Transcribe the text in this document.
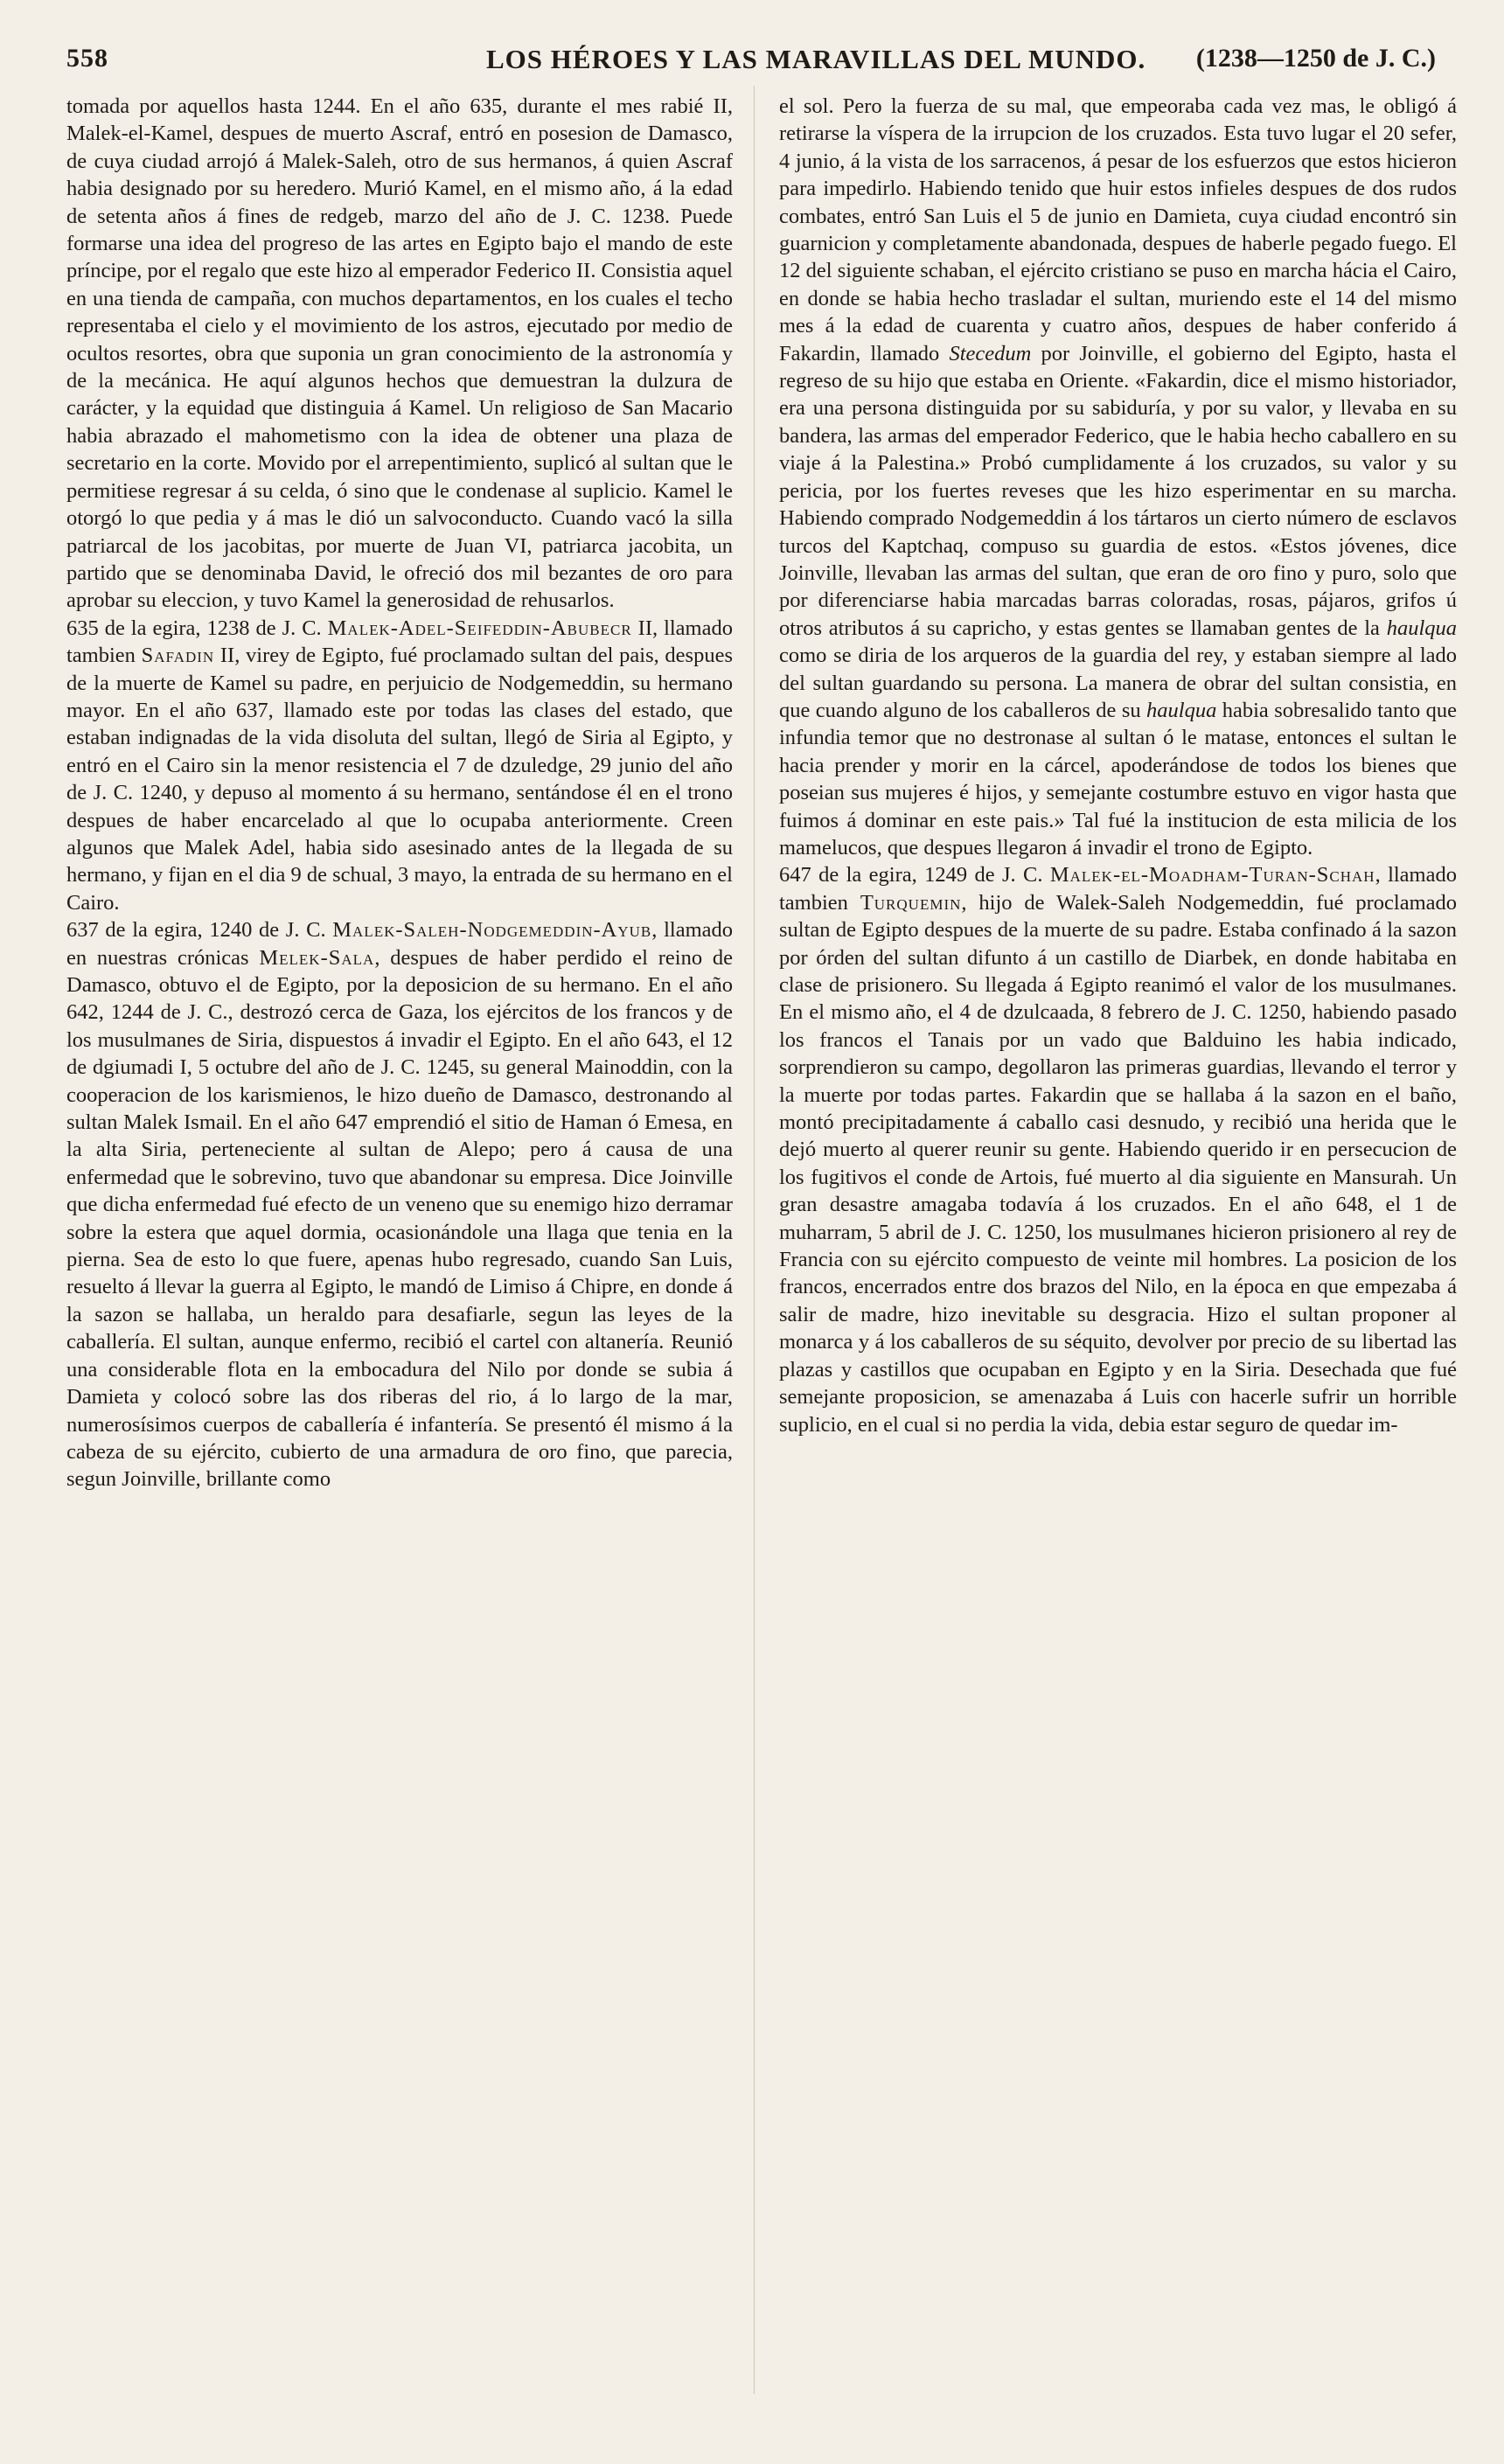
558	LOS HÉROES Y LAS MARAVILLAS DEL MUNDO. (1238—1250 de J. C.)

tomada por aquellos hasta 1244. En el año 635, durante el mes rabié II, Malek-el-Kamel, despues de muerto Ascraf, entró en posesion de Damasco, de cuya ciudad arrojó á Malek-Saleh, otro de sus hermanos, á quien Ascraf habia designado por su heredero. Murió Kamel, en el mismo año, á la edad de setenta años á fines de redgeb, marzo del año de J. C. 1238. Puede formarse una idea del progreso de las artes en Egipto bajo el mando de este príncipe, por el regalo que este hizo al emperador Federico II. Consistia aquel en una tienda de campaña, con muchos departamentos, en los cuales el techo representaba el cielo y el movimiento de los astros, ejecutado por medio de ocultos resortes, obra que suponia un gran conocimiento de la astronomía y de la mecánica. He aquí algunos hechos que demuestran la dulzura de carácter, y la equidad que distinguia á Kamel. Un religioso de San Macario habia abrazado el mahometismo con la idea de obtener una plaza de secretario en la corte. Movido por el arrepentimiento, suplicó al sultan que le permitiese regresar á su celda, ó sino que le condenase al suplicio. Kamel le otorgó lo que pedia y á mas le dió un salvoconducto. Cuando vacó la silla patriarcal de los jacobitas, por muerte de Juan VI, patriarca jacobita, un partido que se denominaba David, le ofreció dos mil bezantes de oro para aprobar su eleccion, y tuvo Kamel la generosidad de rehusarlos.

635 de la egira, 1238 de J. C. Malek-Adel-Seifeddin-Abubecr II, llamado tambien Safadin II, virey de Egipto, fué proclamado sultan del pais, despues de la muerte de Kamel su padre, en perjuicio de Nodgemeddin, su hermano mayor. En el año 637, llamado este por todas las clases del estado, que estaban indignadas de la vida disoluta del sultan, llegó de Siria al Egipto, y entró en el Cairo sin la menor resistencia el 7 de dzuledge, 29 junio del año de J. C. 1240, y depuso al momento á su hermano, sentándose él en el trono despues de haber encarcelado al que lo ocupaba anteriormente. Creen algunos que Malek Adel, habia sido asesinado antes de la llegada de su hermano, y fijan en el dia 9 de schual, 3 mayo, la entrada de su hermano en el Cairo.

637 de la egira, 1240 de J. C. Malek-Saleh-Nodgemeddin-Ayub, llamado en nuestras crónicas Melek-Sala, despues de haber perdido el reino de Damasco, obtuvo el de Egipto, por la deposicion de su hermano. En el año 642, 1244 de J. C., destrozó cerca de Gaza, los ejércitos de los francos y de los musulmanes de Siria, dispuestos á invadir el Egipto. En el año 643, el 12 de dgiumadi I, 5 octubre del año de J. C. 1245, su general Mainoddin, con la cooperacion de los karismienos, le hizo dueño de Damasco, destronando al sultan Malek Ismail. En el año 647 emprendió el sitio de Haman ó Emesa, en la alta Siria, perteneciente al sultan de Alepo; pero á causa de una enfermedad que le sobrevino, tuvo que abandonar su empresa. Dice Joinville que dicha enfermedad fué efecto de un veneno que su enemigo hizo derramar sobre la estera que aquel dormia, ocasionándole una llaga que tenia en la pierna. Sea de esto lo que fuere, apenas hubo regresado, cuando San Luis, resuelto á llevar la guerra al Egipto, le mandó de Limiso á Chipre, en donde á la sazon se hallaba, un heraldo para desafiarle, segun las leyes de la caballería. El sultan, aunque enfermo, recibió el cartel con altanería. Reunió una considerable flota en la embocadura del Nilo por donde se subia á Damieta y colocó sobre las dos riberas del rio, á lo largo de la mar, numerosísimos cuerpos de caballería é infantería. Se presentó él mismo á la cabeza de su ejército, cubierto de una armadura de oro fino, que parecia, segun Joinville, brillante como

el sol. Pero la fuerza de su mal, que empeoraba cada vez mas, le obligó á retirarse la víspera de la irrupcion de los cruzados. Esta tuvo lugar el 20 sefer, 4 junio, á la vista de los sarracenos, á pesar de los esfuerzos que estos hicieron para impedirlo. Habiendo tenido que huir estos infieles despues de dos rudos combates, entró San Luis el 5 de junio en Damieta, cuya ciudad encontró sin guarnicion y completamente abandonada, despues de haberle pegado fuego. El 12 del siguiente schaban, el ejército cristiano se puso en marcha hácia el Cairo, en donde se habia hecho trasladar el sultan, muriendo este el 14 del mismo mes á la edad de cuarenta y cuatro años, despues de haber conferido á Fakardin, llamado Stecedum por Joinville, el gobierno del Egipto, hasta el regreso de su hijo que estaba en Oriente. «Fakardin, dice el mismo historiador, era una persona distinguida por su sabiduría, y por su valor, y llevaba en su bandera, las armas del emperador Federico, que le habia hecho caballero en su viaje á la Palestina.» Probó cumplidamente á los cruzados, su valor y su pericia, por los fuertes reveses que les hizo esperimentar en su marcha. Habiendo comprado Nodgemeddin á los tártaros un cierto número de esclavos turcos del Kaptchaq, compuso su guardia de estos. «Estos jóvenes, dice Joinville, llevaban las armas del sultan, que eran de oro fino y puro, solo que por diferenciarse habia marcadas barras coloradas, rosas, pájaros, grifos ú otros atributos á su capricho, y estas gentes se llamaban gentes de la haulqua como se diria de los arqueros de la guardia del rey, y estaban siempre al lado del sultan guardando su persona. La manera de obrar del sultan consistia, en que cuando alguno de los caballeros de su haulqua habia sobresalido tanto que infundia temor que no destronase al sultan ó le matase, entonces el sultan le hacia prender y morir en la cárcel, apoderándose de todos los bienes que poseian sus mujeres é hijos, y semejante costumbre estuvo en vigor hasta que fuimos á dominar en este pais.» Tal fué la institucion de esta milicia de los mamelucos, que despues llegaron á invadir el trono de Egipto.

647 de la egira, 1249 de J. C. Malek-el-Moadham-Turan-Schah, llamado tambien Turquemin, hijo de Walek-Saleh Nodgemeddin, fué proclamado sultan de Egipto despues de la muerte de su padre. Estaba confinado á la sazon por órden del sultan difunto á un castillo de Diarbek, en donde habitaba en clase de prisionero. Su llegada á Egipto reanimó el valor de los musulmanes. En el mismo año, el 4 de dzulcaada, 8 febrero de J. C. 1250, habiendo pasado los francos el Tanais por un vado que Balduino les habia indicado, sorprendieron su campo, degollaron las primeras guardias, llevando el terror y la muerte por todas partes. Fakardin que se hallaba á la sazon en el baño, montó precipitadamente á caballo casi desnudo, y recibió una herida que le dejó muerto al querer reunir su gente. Habiendo querido ir en persecucion de los fugitivos el conde de Artois, fué muerto al dia siguiente en Mansurah. Un gran desastre amagaba todavía á los cruzados. En el año 648, el 1 de muharram, 5 abril de J. C. 1250, los musulmanes hicieron prisionero al rey de Francia con su ejército compuesto de veinte mil hombres. La posicion de los francos, encerrados entre dos brazos del Nilo, en la época en que empezaba á salir de madre, hizo inevitable su desgracia. Hizo el sultan proponer al monarca y á los caballeros de su séquito, devolver por precio de su libertad las plazas y castillos que ocupaban en Egipto y en la Siria. Desechada que fué semejante proposicion, se amenazaba á Luis con hacerle sufrir un horrible suplicio, en el cual si no perdia la vida, debia estar seguro de quedar im-
